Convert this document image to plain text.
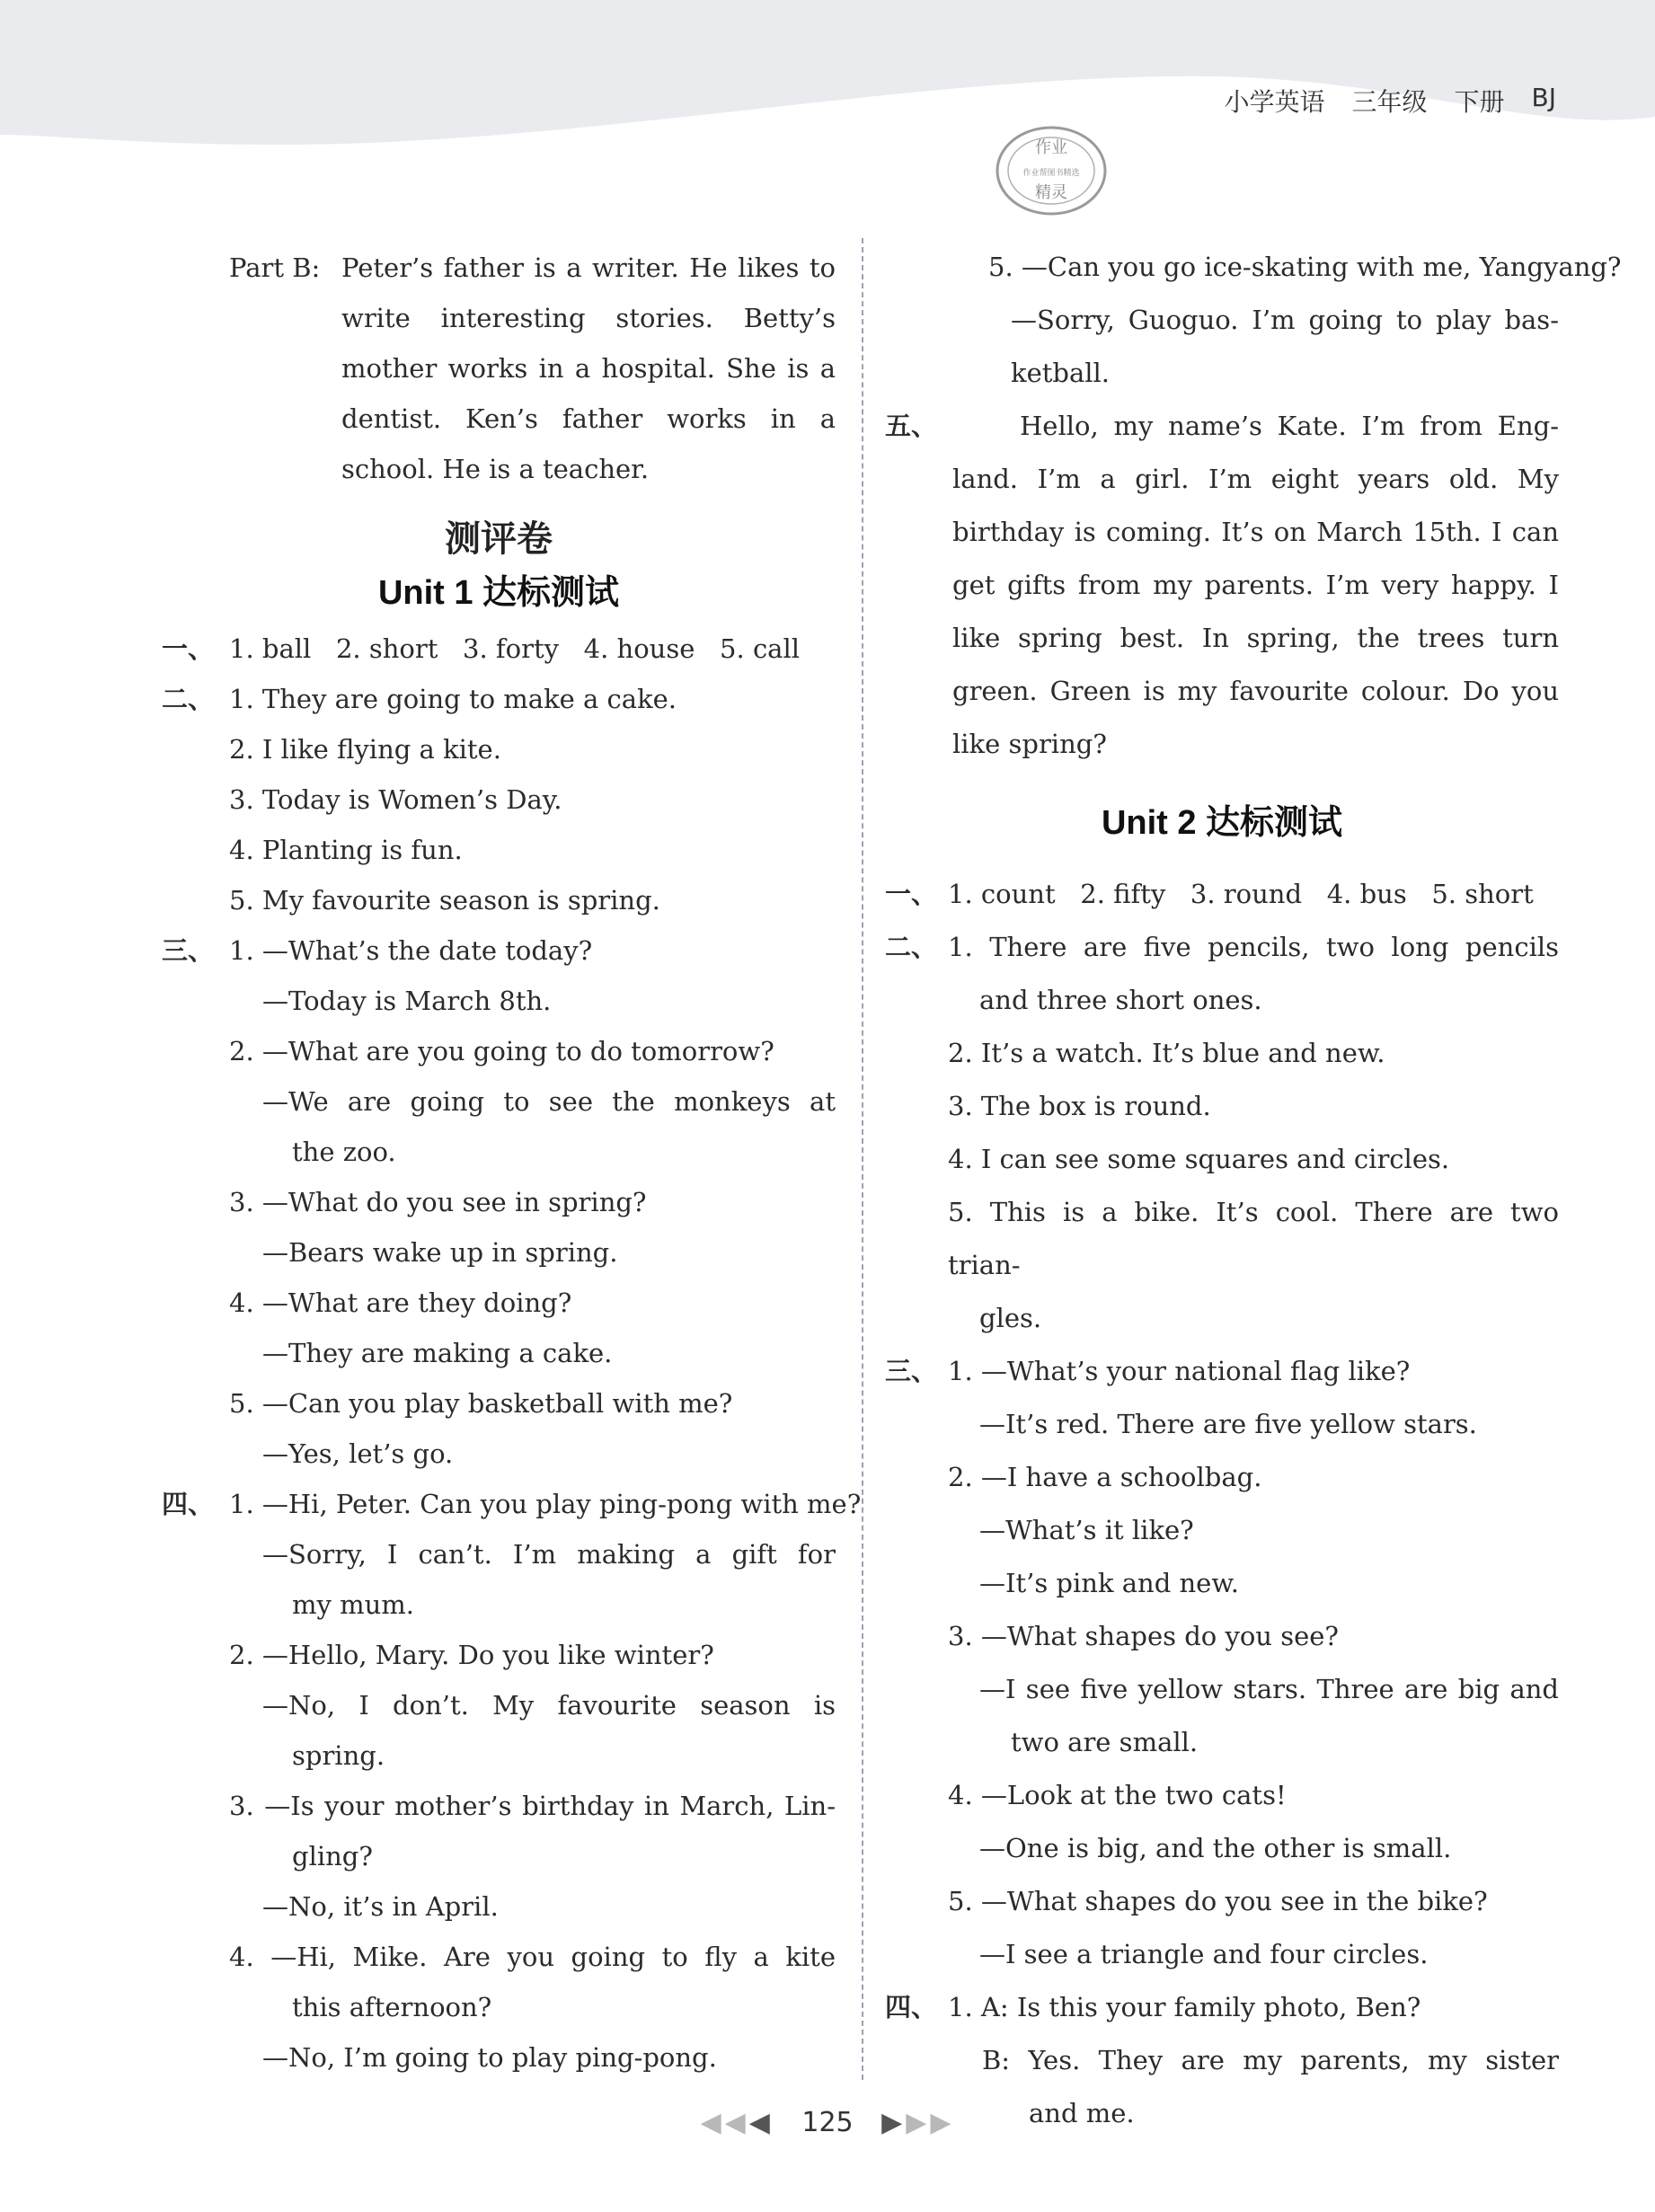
小学英语 三年级 下册 BJ
作业
作业帮图书精选
精灵
Part B: Peter’s father is a writer. He likes to
write interesting stories. Betty’s
mother works in a hospital. She is a
dentist. Ken’s father works in a
school. He is a teacher.
测评卷
Unit 1 达标测试
一、 1. ball   2. short   3. forty   4. house   5. call
二、 1. They are going to make a cake.
2. I like flying a kite.
3. Today is Women’s Day.
4. Planting is fun.
5. My favourite season is spring.
三、 1. —What’s the date today?
—Today is March 8th.
2. —What are you going to do tomorrow?
—We are going to see the monkeys at
the zoo.
3. —What do you see in spring?
—Bears wake up in spring.
4. —What are they doing?
—They are making a cake.
5. —Can you play basketball with me?
—Yes, let’s go.
四、 1. —Hi, Peter. Can you play ping-pong with me?
—Sorry, I can’t. I’m making a gift for
my mum.
2. —Hello, Mary. Do you like winter?
—No, I don’t. My favourite season is
spring.
3. —Is your mother’s birthday in March, Lin-
gling?
—No, it’s in April.
4. —Hi, Mike. Are you going to fly a kite
this afternoon?
—No, I’m going to play ping-pong.
5. —Can you go ice-skating with me, Yangyang?
—Sorry, Guoguo. I’m going to play bas-
ketball.
五、	Hello, my name’s Kate. I’m from Eng-
land. I’m a girl. I’m eight years old. My
birthday is coming. It’s on March 15th. I can
get gifts from my parents. I’m very happy. I
like spring best. In spring, the trees turn
green. Green is my favourite colour. Do you
like spring?
Unit 2 达标测试
一、 1. count   2. fifty   3. round   4. bus   5. short
二、 1. There are five pencils, two long pencils
and three short ones.
2. It’s a watch. It’s blue and new.
3. The box is round.
4. I can see some squares and circles.
5. This is a bike. It’s cool. There are two trian-
gles.
三、 1. —What’s your national flag like?
—It’s red. There are five yellow stars.
2. —I have a schoolbag.
—What’s it like?
—It’s pink and new.
3. —What shapes do you see?
—I see five yellow stars. Three are big and
two are small.
4. —Look at the two cats!
—One is big, and the other is small.
5. —What shapes do you see in the bike?
—I see a triangle and four circles.
四、 1. A: Is this your family photo, Ben?
B: Yes. They are my parents, my sister
and me.
◀◀◀ 125 ▶▶▶
